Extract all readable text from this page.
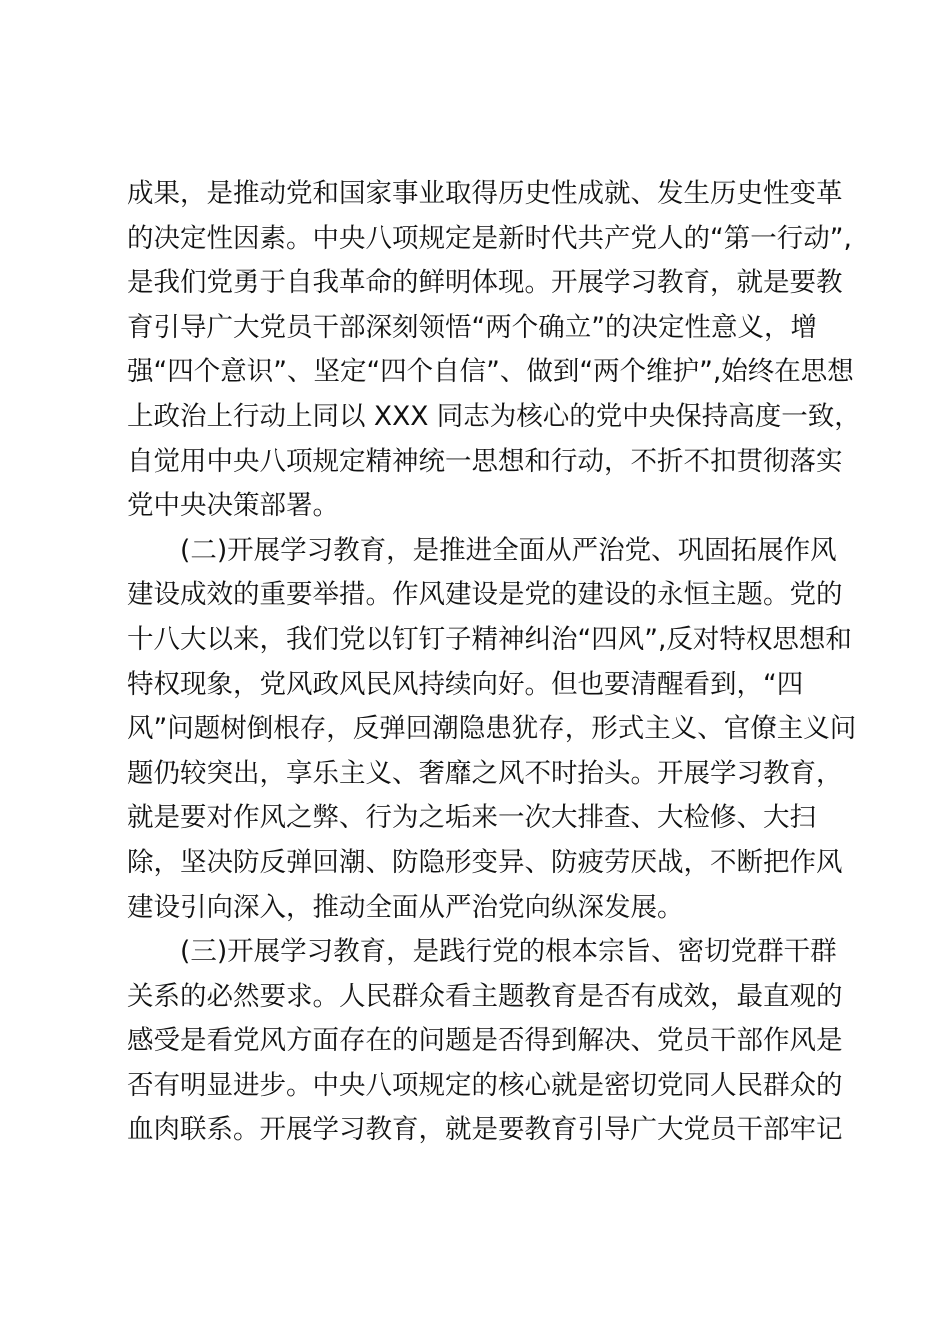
成果，是推动党和国家事业取得历史性成就、发生历史性变革
的决定性因素。中央八项规定是新时代共产党人的“第一行动”,
是我们党勇于自我革命的鲜明体现。开展学习教育，就是要教
育引导广大党员干部深刻领悟“两个确立”的决定性意义，增
强“四个意识”、坚定“四个自信”、做到“两个维护”,始终在思想
上政治上行动上同以 XXX 同志为核心的党中央保持高度一致，
自觉用中央八项规定精神统一思想和行动，不折不扣贯彻落实
党中央决策部署。
(二)开展学习教育，是推进全面从严治党、巩固拓展作风
建设成效的重要举措。作风建设是党的建设的永恒主题。党的
十八大以来，我们党以钉钉子精神纠治“四风”,反对特权思想和
特权现象，党风政风民风持续向好。但也要清醒看到，“四
风”问题树倒根存，反弹回潮隐患犹存，形式主义、官僚主义问
题仍较突出，享乐主义、奢靡之风不时抬头。开展学习教育，
就是要对作风之弊、行为之垢来一次大排查、大检修、大扫
除，坚决防反弹回潮、防隐形变异、防疲劳厌战，不断把作风
建设引向深入，推动全面从严治党向纵深发展。
(三)开展学习教育，是践行党的根本宗旨、密切党群干群
关系的必然要求。人民群众看主题教育是否有成效，最直观的
感受是看党风方面存在的问题是否得到解决、党员干部作风是
否有明显进步。中央八项规定的核心就是密切党同人民群众的
血肉联系。开展学习教育，就是要教育引导广大党员干部牢记
